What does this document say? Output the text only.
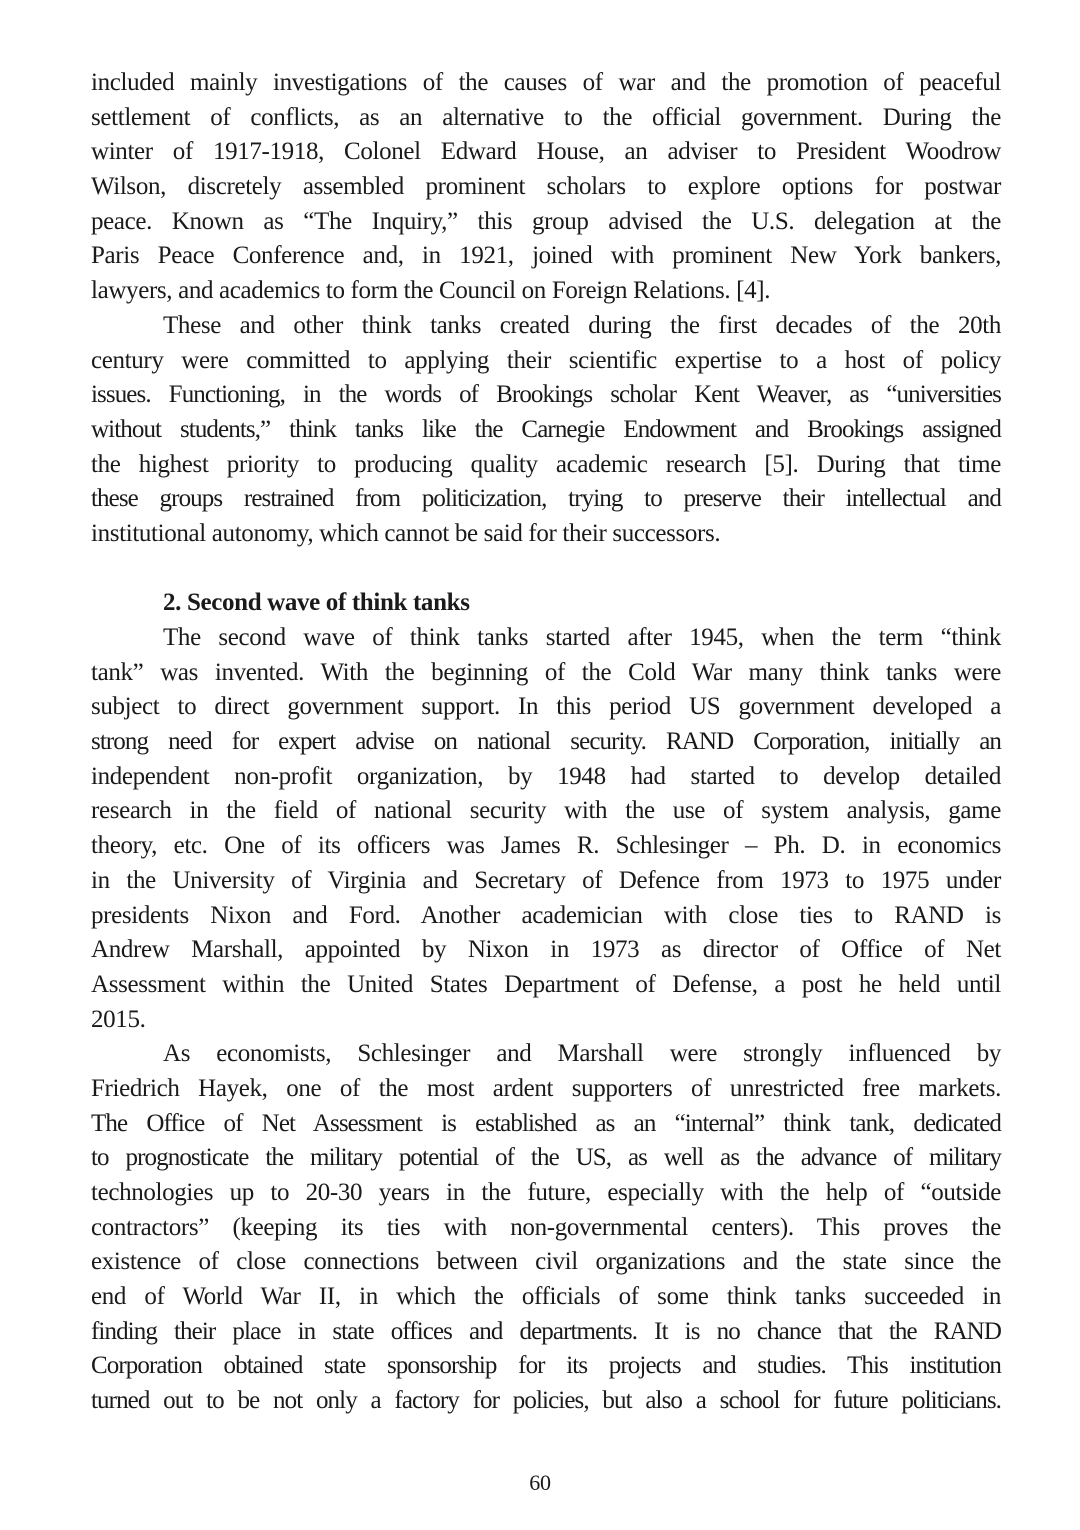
included mainly investigations of the causes of war and the promotion of peaceful
settlement of conflicts, as an alternative to the official government. During the
winter of 1917-1918, Colonel Edward House, an adviser to President Woodrow
Wilson, discretely assembled prominent scholars to explore options for postwar
peace. Known as “The Inquiry,” this group advised the U.S. delegation at the
Paris Peace Conference and, in 1921, joined with prominent New York bankers,
lawyers, and academics to form the Council on Foreign Relations. [4].
These and other think tanks created during the first decades of the 20th
century were committed to applying their scientific expertise to a host of policy
issues. Functioning, in the words of Brookings scholar Kent Weaver, as “universities
without students,” think tanks like the Carnegie Endowment and Brookings assigned
the highest priority to producing quality academic research [5]. During that time
these groups restrained from politicization, trying to preserve their intellectual and
institutional autonomy, which cannot be said for their successors.
2. Second wave of think tanks
The second wave of think tanks started after 1945, when the term “think
tank” was invented. With the beginning of the Cold War many think tanks were
subject to direct government support. In this period US government developed a
strong need for expert advise on national security. RAND Corporation, initially an
independent non-profit organization, by 1948 had started to develop detailed
research in the field of national security with the use of system analysis, game
theory, etc. One of its officers was James R. Schlesinger – Ph. D. in economics
in the University of Virginia and Secretary of Defence from 1973 to 1975 under
presidents Nixon and Ford. Another academician with close ties to RAND is
Andrew Marshall, appointed by Nixon in 1973 as director of Office of Net
Assessment within the United States Department of Defense, a post he held until
2015.
As economists, Schlesinger and Marshall were strongly influenced by
Friedrich Hayek, one of the most ardent supporters of unrestricted free markets.
The Office of Net Assessment is established as an “internal” think tank, dedicated
to prognosticate the military potential of the US, as well as the advance of military
technologies up to 20-30 years in the future, especially with the help of “outside
contractors” (keeping its ties with non-governmental centers). This proves the
existence of close connections between civil organizations and the state since the
end of World War II, in which the officials of some think tanks succeeded in
finding their place in state offices and departments. It is no chance that the RAND
Corporation obtained state sponsorship for its projects and studies. This institution
turned out to be not only a factory for policies, but also a school for future politicians.
60
